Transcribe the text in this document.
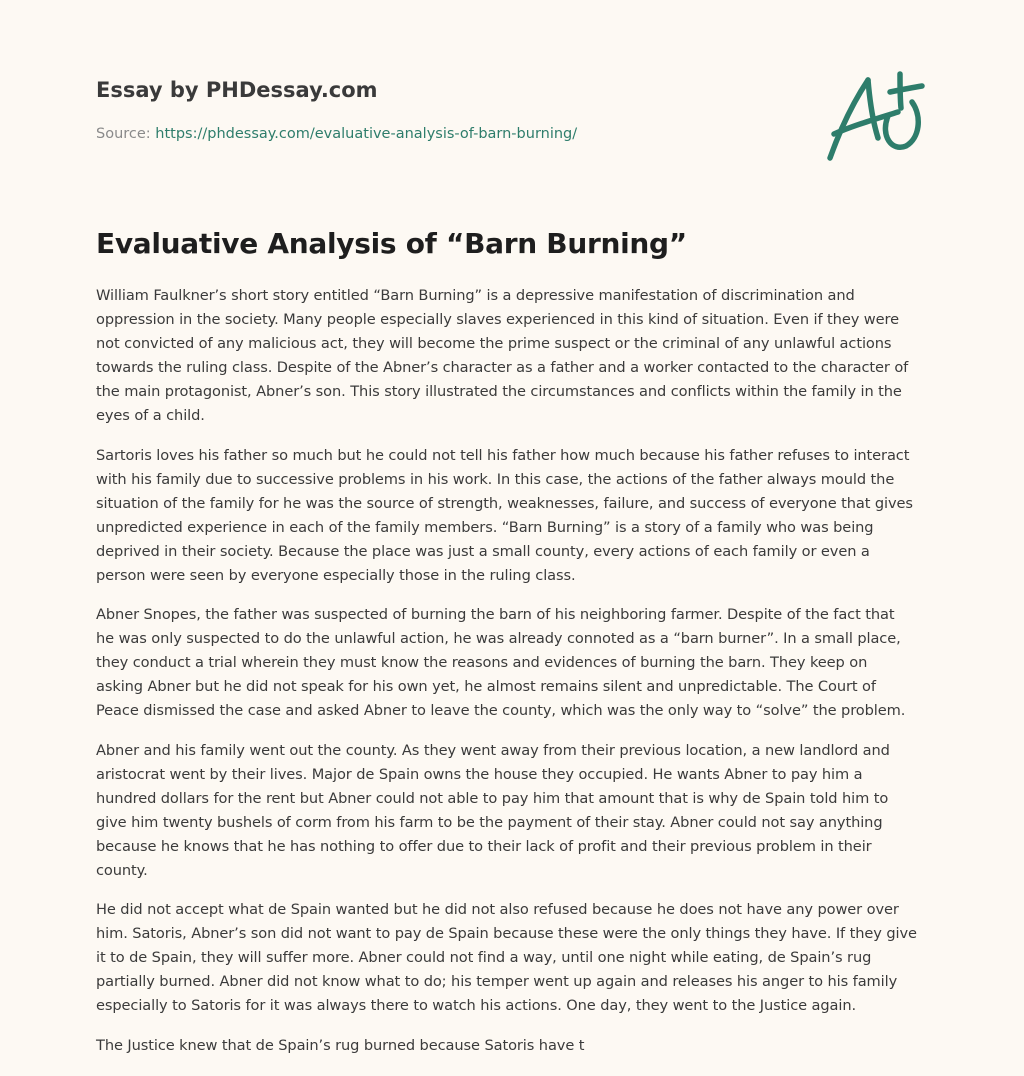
Essay by PHDessay.com
Source: https://phdessay.com/evaluative-analysis-of-barn-burning/
Evaluative Analysis of “Barn Burning”

William Faulkner’s short story entitled “Barn Burning” is a depressive manifestation of discrimination and
oppression in the society. Many people especially slaves experienced in this kind of situation. Even if they were
not convicted of any malicious act, they will become the prime suspect or the criminal of any unlawful actions
towards the ruling class. Despite of the Abner’s character as a father and a worker contacted to the character of
the main protagonist, Abner’s son. This story illustrated the circumstances and conflicts within the family in the
eyes of a child.

Sartoris loves his father so much but he could not tell his father how much because his father refuses to interact
with his family due to successive problems in his work. In this case, the actions of the father always mould the
situation of the family for he was the source of strength, weaknesses, failure, and success of everyone that gives
unpredicted experience in each of the family members. “Barn Burning” is a story of a family who was being
deprived in their society. Because the place was just a small county, every actions of each family or even a
person were seen by everyone especially those in the ruling class.

Abner Snopes, the father was suspected of burning the barn of his neighboring farmer. Despite of the fact that
he was only suspected to do the unlawful action, he was already connoted as a “barn burner”. In a small place,
they conduct a trial wherein they must know the reasons and evidences of burning the barn. They keep on
asking Abner but he did not speak for his own yet, he almost remains silent and unpredictable. The Court of
Peace dismissed the case and asked Abner to leave the county, which was the only way to “solve” the problem.

Abner and his family went out the county. As they went away from their previous location, a new landlord and
aristocrat went by their lives. Major de Spain owns the house they occupied. He wants Abner to pay him a
hundred dollars for the rent but Abner could not able to pay him that amount that is why de Spain told him to
give him twenty bushels of corm from his farm to be the payment of their stay. Abner could not say anything
because he knows that he has nothing to offer due to their lack of profit and their previous problem in their
county.

He did not accept what de Spain wanted but he did not also refused because he does not have any power over
him. Satoris, Abner’s son did not want to pay de Spain because these were the only things they have. If they give
it to de Spain, they will suffer more. Abner could not find a way, until one night while eating, de Spain’s rug
partially burned. Abner did not know what to do; his temper went up again and releases his anger to his family
especially to Satoris for it was always there to watch his actions. One day, they went to the Justice again.

The Justice knew that de Spain’s rug burned because Satoris have t
